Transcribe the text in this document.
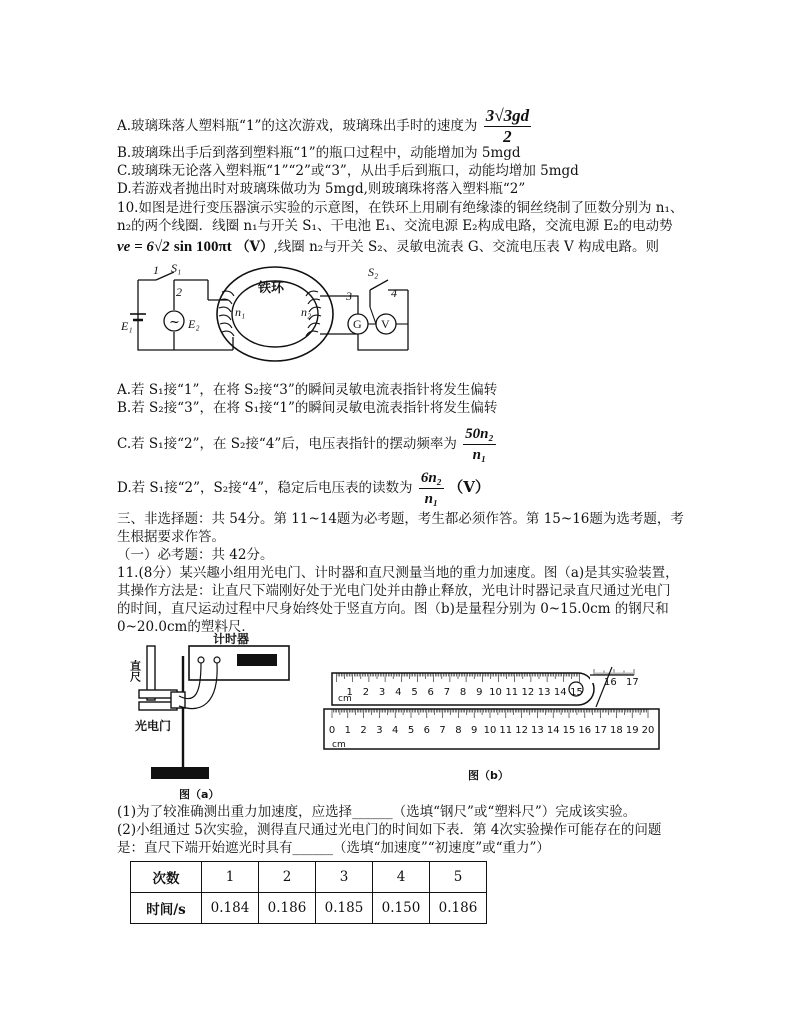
A.玻璃珠落人塑料瓶“1”的这次游戏，玻璃珠出手时的速度为 $\frac{3√3gd}{2}$
B.玻璃珠出手后到落到塑料瓶“1”的瓶口过程中，动能增加为 5mgd
C.玻璃珠无论落入塑料瓶“1”“2”或“3”，从出手后到瓶口，动能均增加 5mgd
D.若游戏者抛出时对玻璃珠做功为 5mgd,则玻璃珠将落入塑料瓶“2”
10.如图是进行变压器演示实验的示意图，在铁环上用刷有绝缘漆的铜丝绕制了匝数分别为 n₁、
n₂的两个线圈．线圈 n₁与开关 S₁、干电池 E₁、交流电源 E₂构成电路，交流电源 E₂的电动势
ve = 6√2 sin 100πt （V）,线圈 n₂与开关 S₂、灵敏电流表 G、交流电压表 V 构成电路。则
~
1 S₁
2
E₁	E₂
n₁	n₂
S₂
3	4
G V
铁环
A.若 S₁接“1”，在将 S₂接“3”的瞬间灵敏电流表指针将发生偏转
B.若 S₂接“3”，在将 S₁接“1”的瞬间灵敏电流表指针将发生偏转
C.若 S₁接“2”，在 S₂接“4”后，电压表指针的摆动频率为 $\frac{\text{50n₂}}{\text{n₁}}$
D.若 S₁接“2”，S₂接“4”，稳定后电压表的读数为 $\frac{\text{6n₂}}{\text{n₁}} (V)$
三、非选择题：共 54分。第 11~14题为必考题，考生都必须作答。第 15~16题为选考题，考
生根据要求作答。
（一）必考题：共 42分。
11.(8分）某兴趣小组用光电门、计时器和直尺测量当地的重力加速度。图（a)是其实验装置，
其操作方法是：让直尺下端刚好处于光电门处并由静止释放，光电计时器记录直尺通过光电门
的时间，直尺运动过程中尺身始终处于竖直方向。图（b)是量程分别为 0~15.0cm 的钢尺和
0~20.0cm的塑料尺．
计时器
光电门
图（a）
直尺
16 17
1 2 3 4 5 6 7 8 9 10 11 12 13 14 15
0 1 2 3 4 5 6 7 8 9 10 11 12 13 14 15 16 17 18 19 20
cm
cm
图（b）
(1)为了较准确测出重力加速度，应选择______（选填“钢尺”或“塑料尺”）完成该实验。
(2)小组通过 5次实验，测得直尺通过光电门的时间如下表．第 4次实验操作可能存在的问题
是：直尺下端开始遮光时具有______（选填“加速度”“初速度”或“重力”）
次数	1	2	3	4	5
时间/s	0.184	0.186	0.185	0.150	0.186
